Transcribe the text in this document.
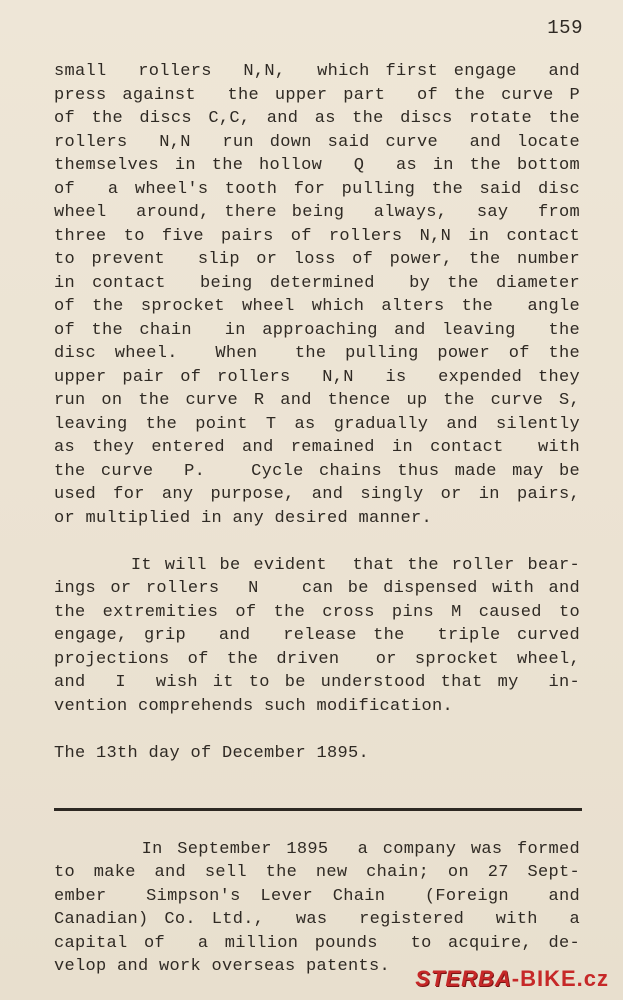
159
small  rollers  N,N,  which first engage  and
press against  the upper part  of the curve P
of the discs C,C, and as the discs rotate the
rollers  N,N  run down said curve  and locate
themselves in the hollow  Q  as in the bottom
of  a wheel's tooth for pulling the said disc
wheel  around, there being  always,  say  from
three to five pairs of rollers N,N in contact
to prevent  slip or loss of power, the number
in contact  being determined  by the diameter
of the sprocket wheel which alters the  angle
of the chain  in approaching and leaving  the
disc wheel.  When  the pulling power of the
upper pair of rollers  N,N  is  expended they
run on the curve R and thence up the curve S,
leaving the point T as gradually and silently
as they entered and remained in contact  with
the curve  P.   Cycle chains thus made may be
used for any purpose, and singly or in pairs,
or multiplied in any desired manner.
It will be evident  that the roller bear-
ings or rollers  N   can be dispensed with and
the extremities of the cross pins M caused to
engage, grip  and  release the  triple curved
projections of the driven  or sprocket wheel,
and  I  wish it to be understood that my  in-
vention comprehends such modification.
The 13th day of December 1895.
In September 1895  a company was formed
to make and sell the new chain; on 27 Sept-
ember  Simpson's Lever Chain  (Foreign  and
Canadian) Co. Ltd.,  was  registered  with  a
capital of  a million pounds  to acquire, de-
velop and work overseas patents.	STERBA-BIKE.cz
